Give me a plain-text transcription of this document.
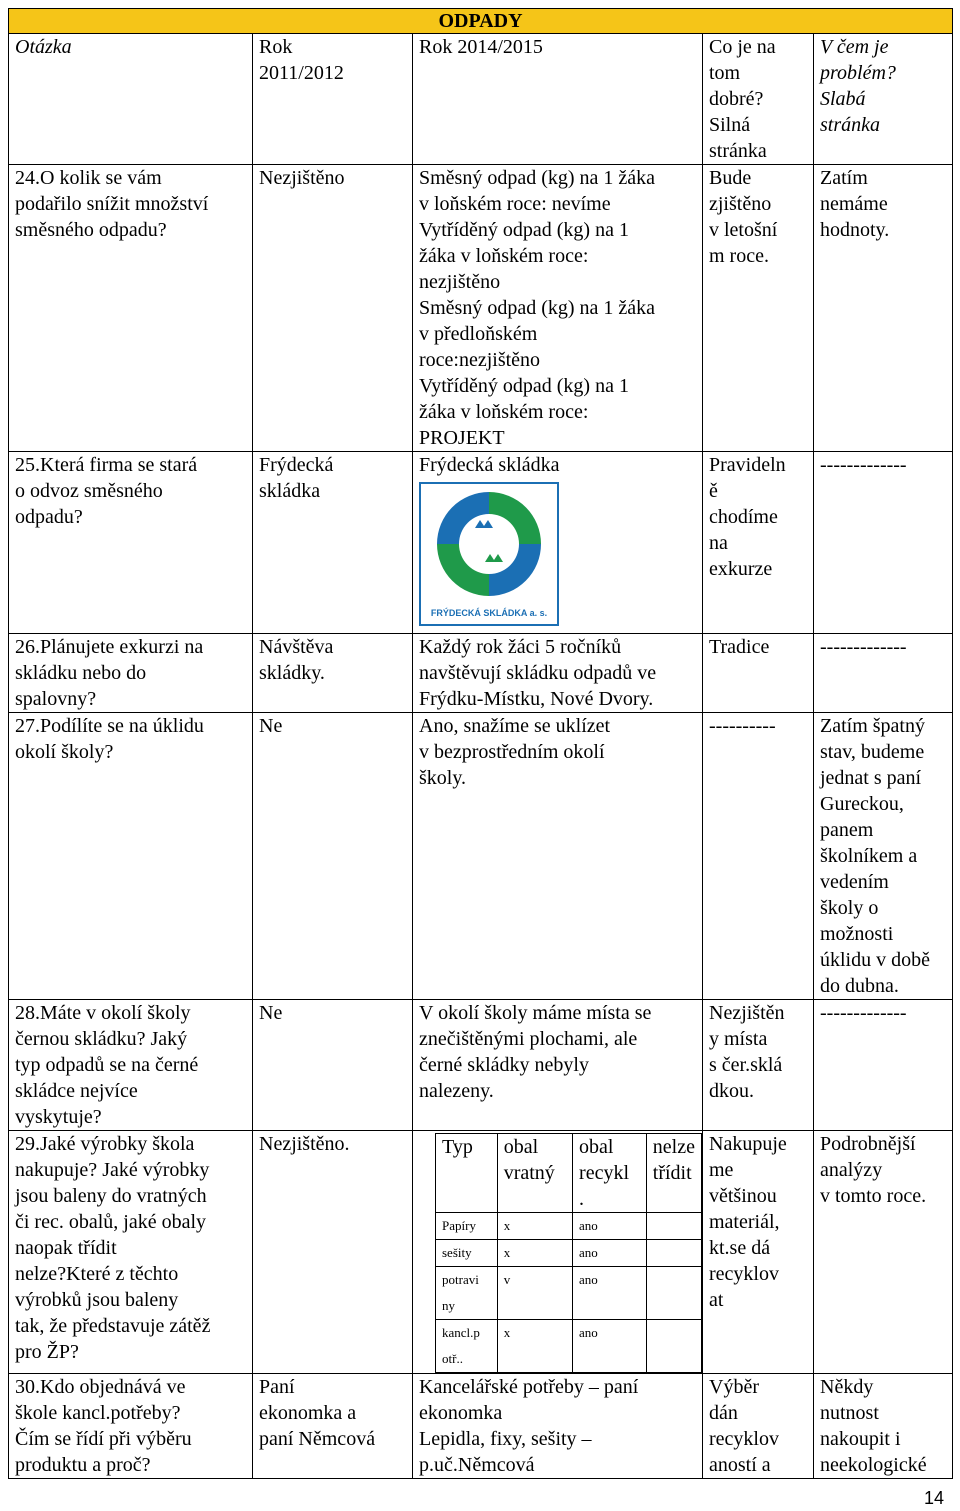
ODPADY
Otázka	Rok
2011/2012	Rok 2014/2015	Co je na
tom
dobré?
Silná
stránka	V čem je
problém?
Slabá
stránka
24.O kolik se vám
podařilo snížit množství
směsného odpadu?	Nezjištěno	Směsný odpad (kg) na 1 žáka
v loňském roce: nevíme
Vytříděný odpad (kg) na 1
žáka v loňském roce:
nezjištěno
Směsný odpad (kg) na 1 žáka
v předloňském
roce:nezjištěno
Vytříděný odpad (kg) na 1
žáka v loňském roce:
PROJEKT	Bude
zjištěno
v letošní
m roce.	Zatím
nemáme
hodnoty.
25.Která firma se stará
o odvoz směsného
odpadu?	Frýdecká
skládka	
Frýdecká skládka
FRÝDECKÁ SKLÁDKA a. s.
	Pravideln
ě
chodíme
na
exkurze	-------------
26.Plánujete exkurzi na
skládku nebo do
spalovny?	Návštěva
skládky.	Každý rok žáci 5 ročníků
navštěvují skládku odpadů ve
Frýdku-Místku, Nové Dvory.	Tradice	-------------
27.Podílíte se na úklidu
okolí školy?	Ne	Ano, snažíme se uklízet
v bezprostředním okolí
školy.	----------	Zatím špatný
stav, budeme
jednat s paní
Gureckou,
panem
školníkem a
vedením
školy o
možnosti
úklidu v době
do dubna.
28.Máte v okolí školy
černou skládku? Jaký
typ odpadů se na černé
skládce nejvíce
vyskytuje?	Ne	V okolí školy máme místa se
znečištěnými plochami, ale
černé skládky nebyly
nalezeny.	Nezjištěn
y místa
s čer.sklá
dkou.	-------------
29.Jaké výrobky škola
nakupuje? Jaké výrobky
jsou baleny do vratných
či rec. obalů, jaké obaly
naopak třídit
nelze?Které z těchto
výrobků jsou baleny
tak, že představuje zátěž
pro ŽP?	Nezjištěno.		Typ	obal
vratný	obal
recykl
.	nelze
třídit
Papíry	x	ano	
sešity	x	ano	
potravi
ny	v	ano	
kancl.p
otř..	x	ano	
	Nakupuje
me
většinou
materiál,
kt.se dá
recyklov
at	Podrobnější
analýzy
v tomto roce.
30.Kdo objednává ve
škole kancl.potřeby?
Čím se řídí při výběru
produktu a proč?	Paní
ekonomka a
paní Němcová	Kancelářské potřeby – paní
ekonomka
Lepidla, fixy, sešity –
p.uč.Němcová	Výběr
dán
recyklov
aností a	Někdy
nutnost
nakoupit i
neekologické
14
